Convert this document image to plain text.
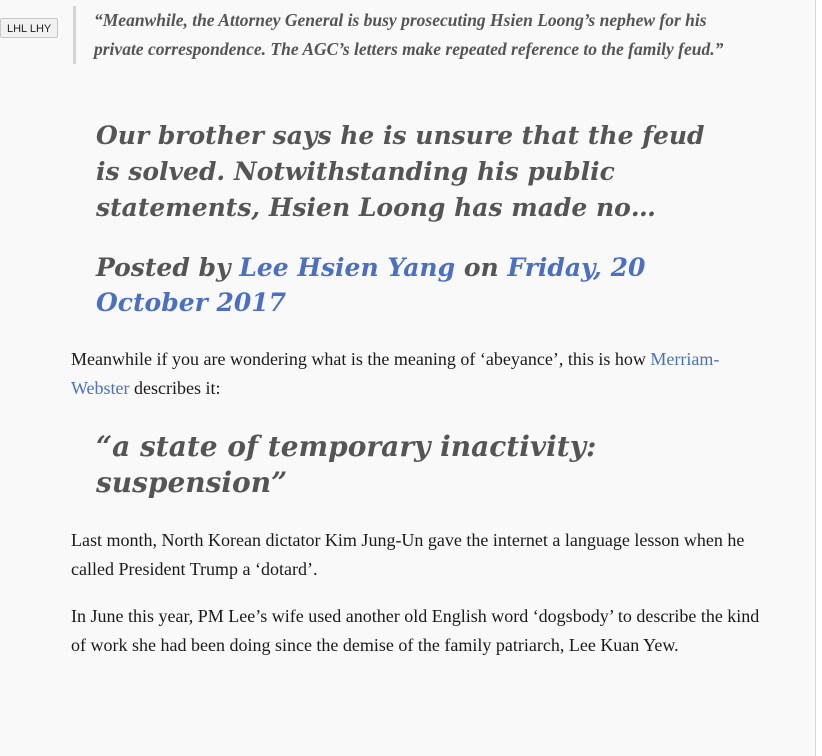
LHL LHY	“Meanwhile, the Attorney General is busy prosecuting Hsien Loong’s nephew for his private correspondence. The AGC’s letters make repeated reference to the family feud.”
Our brother says he is unsure that the feud is solved. Notwithstanding his public statements, Hsien Loong has made no…
Posted by Lee Hsien Yang on Friday, 20 October 2017

Meanwhile if you are wondering what is the meaning of ‘abeyance’, this is how Merriam-Webster describes it:

“a state of temporary inactivity: suspension”

Last month, North Korean dictator Kim Jung-Un gave the internet a language lesson when he called President Trump a ‘dotard’.

In June this year, PM Lee’s wife used another old English word ‘dogsbody’ to describe the kind of work she had been doing since the demise of the family patriarch, Lee Kuan Yew.
